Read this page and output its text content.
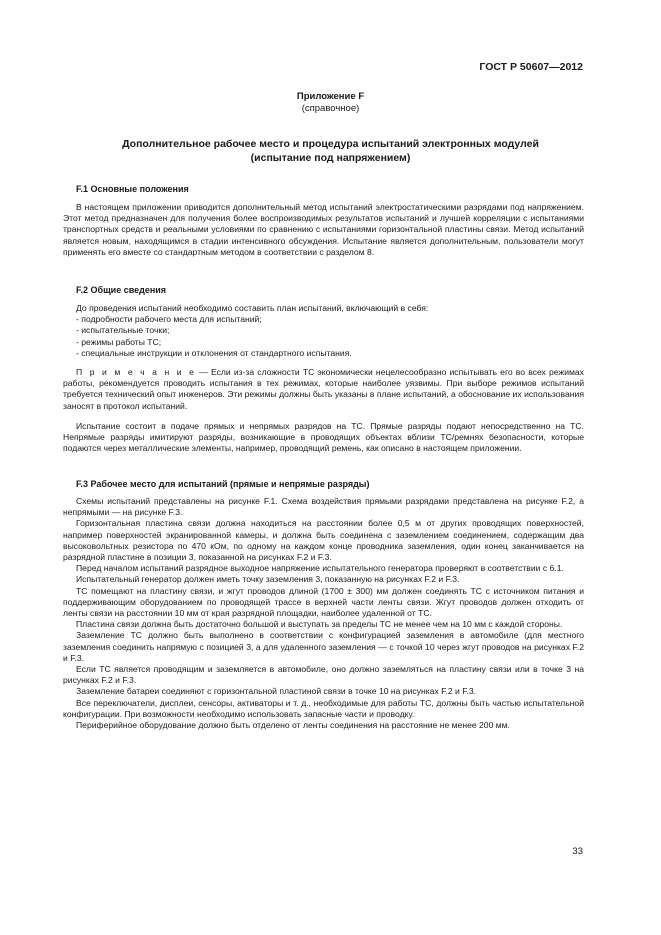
ГОСТ Р 50607—2012
Приложение F
(справочное)
Дополнительное рабочее место и процедура испытаний электронных модулей
(испытание под напряжением)
F.1 Основные положения

В настоящем приложении приводится дополнительный метод испытаний электростатическими разрядами под напряжением. Этот метод предназначен для получения более воспроизводимых результатов испытаний и лучшей корреляции с испытаниями транспортных средств и реальными условиями по сравнению с испытаниями горизонтальной пластины связи. Метод испытаний является новым, находящимся в стадии интенсивного обсуждения. Испытание является дополнительным, пользователи могут применять его вместе со стандартным методом в соответствии с разделом 8.

F.2 Общие сведения

До проведения испытаний необходимо составить план испытаний, включающий в себя:

- подробности рабочего места для испытаний;

- испытательные точки;

- режимы работы ТС;

- специальные инструкции и отклонения от стандартного испытания.

П р и м е ч а н и е — Если из-за сложности ТС экономически нецелесообразно испытывать его во всех режимах работы, рекомендуется проводить испытания в тех режимах, которые наиболее уязвимы. При выборе режимов испытаний требуется технический опыт инженеров. Эти режимы должны быть указаны в плане испытаний, а обоснование их использования заносят в протокол испытаний.

Испытание состоит в подаче прямых и непрямых разрядов на ТС. Прямые разряды подают непосредственно на ТС. Непрямые разряды имитируют разряды, возникающие в проводящих объектах вблизи ТС/ремнях безопасности, которые подаются через металлические элементы, например, проводящий ремень, как описано в настоящем приложении.

F.3 Рабочее место для испытаний (прямые и непрямые разряды)

Схемы испытаний представлены на рисунке F.1. Схема воздействия прямыми разрядами представлена на рисунке F.2, а непрямыми — на рисунке F.3.

Горизонтальная пластина связи должна находиться на расстоянии более 0,5 м от других проводящих поверхностей, например поверхностей экранированной камеры, и должна быть соединена с заземлением соединением, содержащим два высоковольтных резистора по 470 кОм, по одному на каждом конце проводника заземления, один конец заканчивается на разрядной пластине в позиции 3, показанной на рисунках F.2 и F.3.

Перед началом испытаний разрядное выходное напряжение испытательного генератора проверяют в соответствии с 6.1.

Испытательный генератор должен иметь точку заземления 3, показанную на рисунках F.2 и F.3.

ТС помещают на пластину связи, и жгут проводов длиной (1700 ± 300) мм должен соединять ТС с источником питания и поддерживающим оборудованием по проводящей трассе в верхней части ленты связи. Жгут проводов должен отходить от ленты связи на расстоянии 10 мм от края разрядной площадки, наиболее удаленной от ТС.

Пластина связи должна быть достаточно большой и выступать за пределы ТС не менее чем на 10 мм с каждой стороны.

Заземление ТС должно быть выполнено в соответствии с конфигурацией заземления в автомобиле (для местного заземления соединить напрямую с позицией 3, а для удаленного заземления — с точкой 10 через жгут проводов на рисунках F.2 и F.3.

Если ТС является проводящим и заземляется в автомобиле, оно должно заземляться на пластину связи или в точке 3 на рисунках F.2 и F.3.

Заземление батареи соединяют с горизонтальной пластиной связи в точке 10 на рисунках F.2 и F.3.

Все переключатели, дисплеи, сенсоры, активаторы и т. д., необходимые для работы ТС, должны быть частью испытательной конфигурации. При возможности необходимо использовать запасные части и проводку.

Периферийное оборудование должно быть отделено от ленты соединения на расстояние не менее 200 мм.

33
